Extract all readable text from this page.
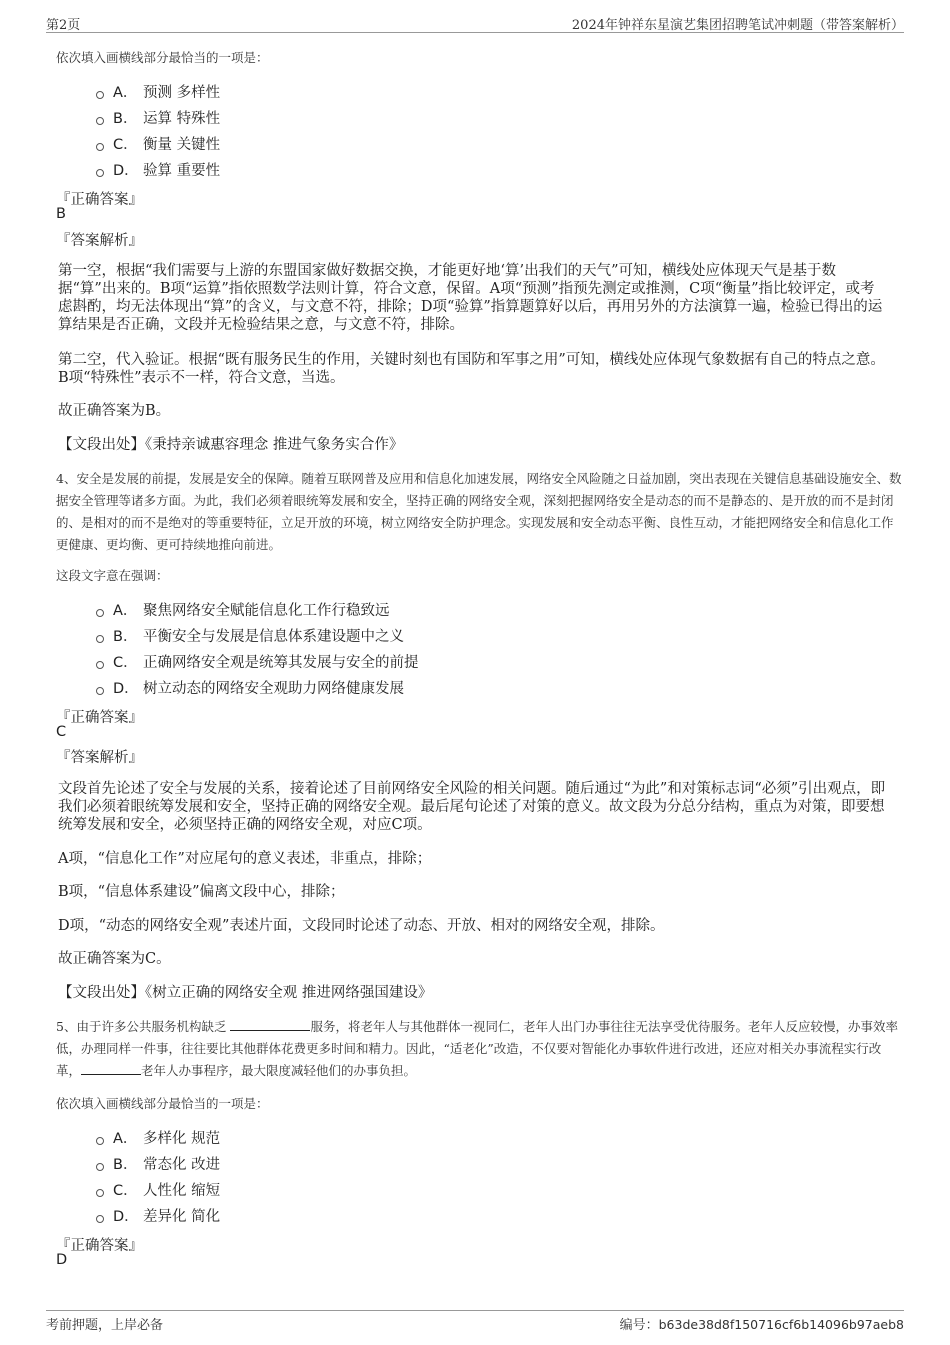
第2页	2024年钟祥东星演艺集团招聘笔试冲刺题（带答案解析）
依次填入画横线部分最恰当的一项是：
A． 预测 多样性
B． 运算 特殊性
C． 衡量 关键性
D． 验算 重要性
『正确答案』
B
『答案解析』
第一空，根据“我们需要与上游的东盟国家做好数据交换，才能更好地‘算’出我们的天气”可知，横线处应体现天气是基于数据“算”出来的。B项“运算”指依照数学法则计算，符合文意，保留。A项“预测”指预先测定或推测，C项“衡量”指比较评定，或考虑斟酌，均无法体现出“算”的含义，与文意不符，排除；D项“验算”指算题算好以后，再用另外的方法演算一遍，检验已得出的运算结果是否正确，文段并无检验结果之意，与文意不符，排除。
第二空，代入验证。根据“既有服务民生的作用，关键时刻也有国防和军事之用”可知，横线处应体现气象数据有自己的特点之意。B项“特殊性”表示不一样，符合文意，当选。
故正确答案为B。
【文段出处】《秉持亲诚惠容理念 推进气象务实合作》
4、安全是发展的前提，发展是安全的保障。随着互联网普及应用和信息化加速发展，网络安全风险随之日益加剧，突出表现在关键信息基础设施安全、数据安全管理等诸多方面。为此，我们必须着眼统筹发展和安全，坚持正确的网络安全观，深刻把握网络安全是动态的而不是静态的、是开放的而不是封闭的、是相对的而不是绝对的等重要特征，立足开放的环境，树立网络安全防护理念。实现发展和安全动态平衡、良性互动，才能把网络安全和信息化工作更健康、更均衡、更可持续地推向前进。
这段文字意在强调：
A． 聚焦网络安全赋能信息化工作行稳致远
B． 平衡安全与发展是信息体系建设题中之义
C． 正确网络安全观是统筹其发展与安全的前提
D． 树立动态的网络安全观助力网络健康发展
『正确答案』
C
『答案解析』
文段首先论述了安全与发展的关系，接着论述了目前网络安全风险的相关问题。随后通过“为此”和对策标志词“必须”引出观点，即我们必须着眼统筹发展和安全，坚持正确的网络安全观。最后尾句论述了对策的意义。故文段为分总分结构，重点为对策，即要想统筹发展和安全，必须坚持正确的网络安全观，对应C项。
A项，“信息化工作”对应尾句的意义表述，非重点，排除；
B项，“信息体系建设”偏离文段中心，排除；
D项，“动态的网络安全观”表述片面，文段同时论述了动态、开放、相对的网络安全观，排除。
故正确答案为C。
【文段出处】《树立正确的网络安全观 推进网络强国建设》
5、由于许多公共服务机构缺乏	服务，将老年人与其他群体一视同仁，老年人出门办事往往无法享受优待服务。老年人反应较慢，办事效率低，办理同样一件事，往往要比其他群体花费更多时间和精力。因此，“适老化”改造，不仅要对智能化办事软件进行改进，还应对相关办事流程实行改革，	老年人办事程序，最大限度减轻他们的办事负担。
依次填入画横线部分最恰当的一项是：
A． 多样化 规范
B． 常态化 改进
C． 人性化 缩短
D． 差异化 简化
『正确答案』
D
考前押题，上岸必备	编号：b63de38d8f150716cf6b14096b97aeb8
